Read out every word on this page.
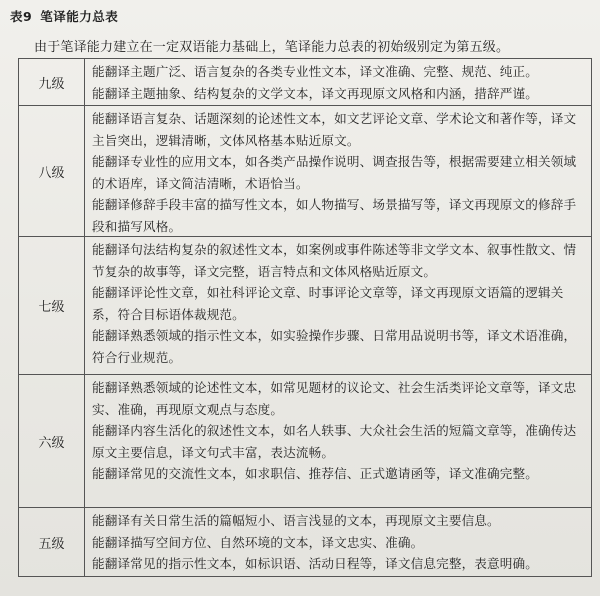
表9 笔译能力总表
由于笔译能力建立在一定双语能力基础上，笔译能力总表的初始级别定为第五级。
九级
能翻译主题广泛、语言复杂的各类专业性文本，译文准确、完整、规范、纯正。
能翻译主题抽象、结构复杂的文学文本，译文再现原文风格和内涵，措辞严谨。
八级
能翻译语言复杂、话题深刻的论述性文本，如文艺评论文章、学术论文和著作等，译文主旨突出，逻辑清晰，文体风格基本贴近原文。
能翻译专业性的应用文本，如各类产品操作说明、调查报告等，根据需要建立相关领域的术语库，译文简洁清晰，术语恰当。
能翻译修辞手段丰富的描写性文本，如人物描写、场景描写等，译文再现原文的修辞手段和描写风格。
七级
能翻译句法结构复杂的叙述性文本，如案例或事件陈述等非文学文本、叙事性散文、情节复杂的故事等，译文完整，语言特点和文体风格贴近原文。
能翻译评论性文章，如社科评论文章、时事评论文章等，译文再现原文语篇的逻辑关系，符合目标语体裁规范。
能翻译熟悉领域的指示性文本，如实验操作步骤、日常用品说明书等，译文术语准确，符合行业规范。
六级
能翻译熟悉领域的论述性文本，如常见题材的议论文、社会生活类评论文章等，译文忠实、准确，再现原文观点与态度。
能翻译内容生活化的叙述性文本，如名人轶事、大众社会生活的短篇文章等，准确传达原文主要信息，译文句式丰富，表达流畅。
能翻译常见的交流性文本，如求职信、推荐信、正式邀请函等，译文准确完整。
五级
能翻译有关日常生活的篇幅短小、语言浅显的文本，再现原文主要信息。
能翻译描写空间方位、自然环境的文本，译文忠实、准确。
能翻译常见的指示性文本，如标识语、活动日程等，译文信息完整，表意明确。
